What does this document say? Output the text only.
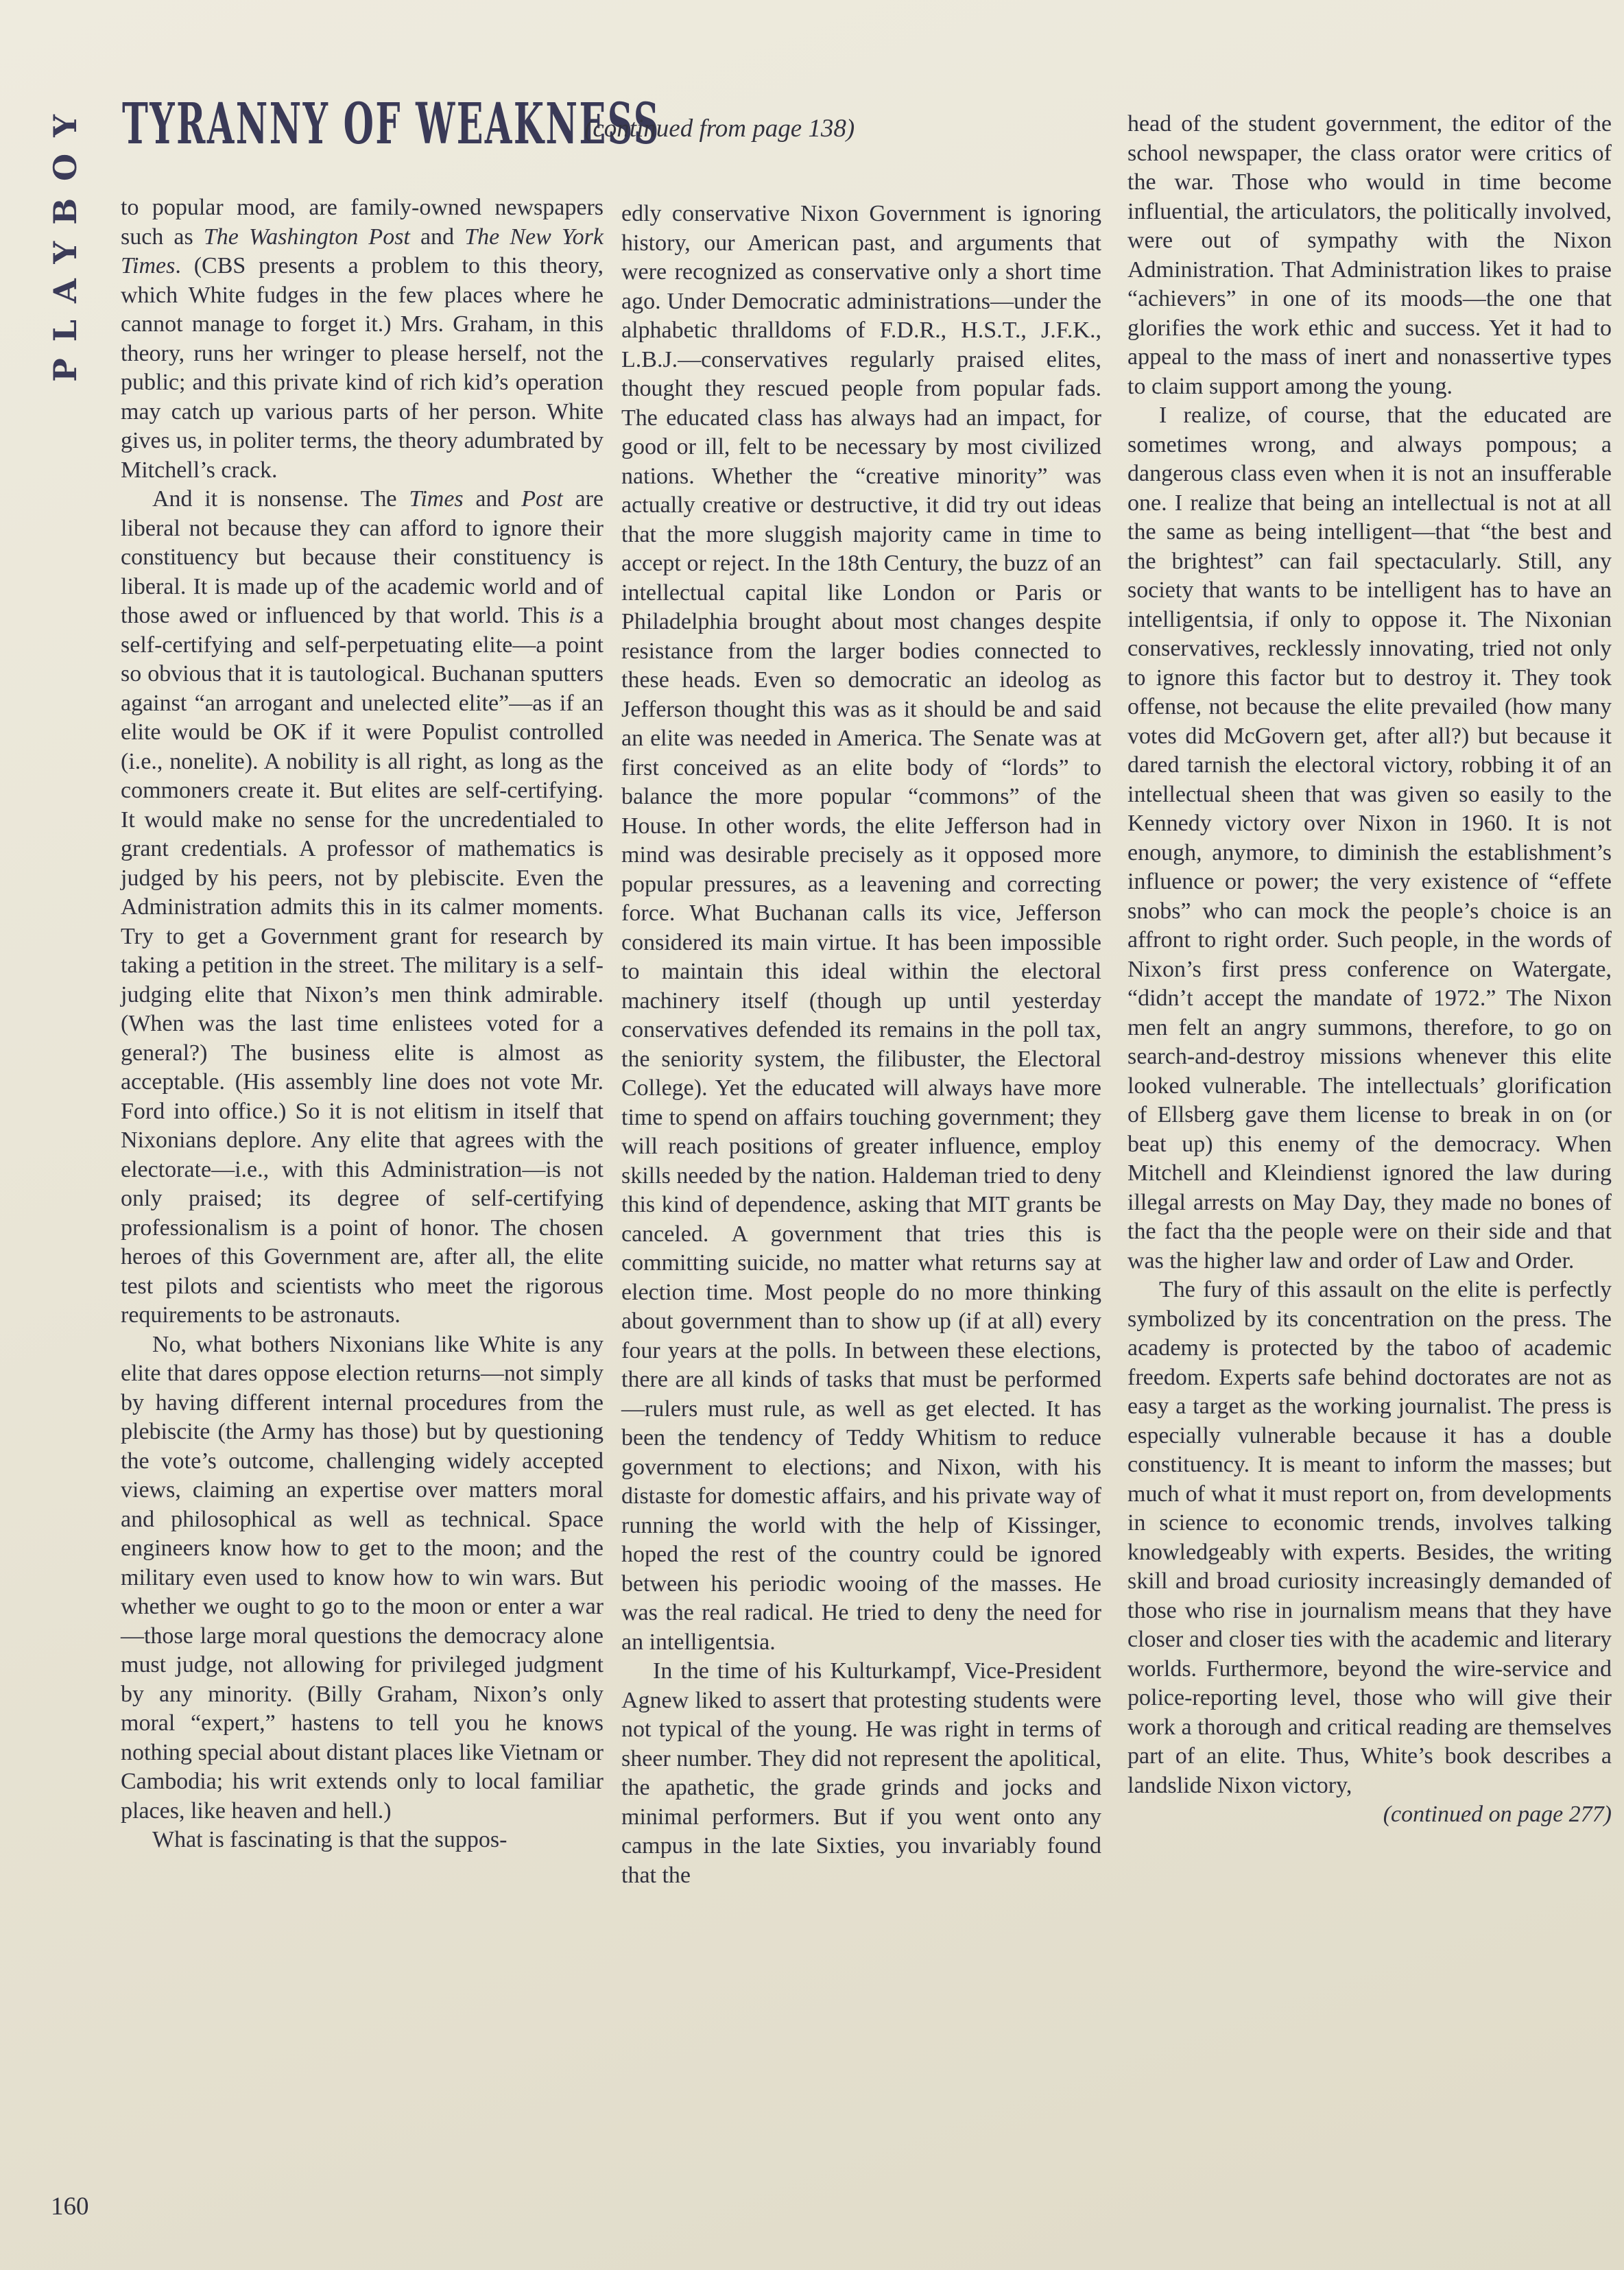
PLAYBOY TYRANNY OF WEAKNESS
(continued from page 138)

to popular mood, are family-owned newspapers such as The Washington Post and The New York Times. (CBS presents a problem to this theory, which White fudges in the few places where he cannot manage to forget it.) Mrs. Graham, in this theory, runs her wringer to please herself, not the public; and this private kind of rich kid’s operation may catch up various parts of her person. White gives us, in politer terms, the theory adumbrated by Mitchell’s crack.

And it is nonsense. The Times and Post are liberal not because they can afford to ignore their constituency but because their constituency is liberal. It is made up of the academic world and of those awed or influenced by that world. This is a self-certifying and self-perpetuating elite—a point so obvious that it is tautological. Buchanan sputters against “an arrogant and unelected elite”—as if an elite would be OK if it were Populist controlled (i.e., nonelite). A nobility is all right, as long as the commoners create it. But elites are self-certifying. It would make no sense for the uncredentialed to grant credentials. A professor of mathematics is judged by his peers, not by plebiscite. Even the Administration admits this in its calmer moments. Try to get a Government grant for research by taking a petition in the street. The military is a self-judging elite that Nixon’s men think admirable. (When was the last time enlistees voted for a general?) The business elite is almost as acceptable. (His assembly line does not vote Mr. Ford into office.) So it is not elitism in itself that Nixonians deplore. Any elite that agrees with the electorate—i.e., with this Administration—is not only praised; its degree of self-certifying professionalism is a point of honor. The chosen heroes of this Government are, after all, the elite test pilots and scientists who meet the rigorous requirements to be astronauts.

No, what bothers Nixonians like White is any elite that dares oppose election returns—not simply by having different internal procedures from the plebiscite (the Army has those) but by questioning the vote’s outcome, challenging widely accepted views, claiming an expertise over matters moral and philosophical as well as technical. Space engineers know how to get to the moon; and the military even used to know how to win wars. But whether we ought to go to the moon or enter a war—those large moral questions the democracy alone must judge, not allowing for privileged judgment by any minority. (Billy Graham, Nixon’s only moral “expert,” hastens to tell you he knows nothing special about distant places like Vietnam or Cambodia; his writ extends only to local familiar places, like heaven and hell.)

What is fascinating is that the suppos-

edly conservative Nixon Government is ignoring history, our American past, and arguments that were recognized as conservative only a short time ago. Under Democratic administrations—under the alphabetic thralldoms of F.D.R., H.S.T., J.F.K., L.B.J.—conservatives regularly praised elites, thought they rescued people from popular fads. The educated class has always had an impact, for good or ill, felt to be necessary by most civilized nations. Whether the “creative minority” was actually creative or destructive, it did try out ideas that the more sluggish majority came in time to accept or reject. In the 18th Century, the buzz of an intellectual capital like London or Paris or Philadelphia brought about most changes despite resistance from the larger bodies connected to these heads. Even so democratic an ideolog as Jefferson thought this was as it should be and said an elite was needed in America. The Senate was at first conceived as an elite body of “lords” to balance the more popular “commons” of the House. In other words, the elite Jefferson had in mind was desirable precisely as it opposed more popular pressures, as a leavening and correcting force. What Buchanan calls its vice, Jefferson considered its main virtue. It has been impossible to maintain this ideal within the electoral machinery itself (though up until yesterday conservatives defended its remains in the poll tax, the seniority system, the filibuster, the Electoral College). Yet the educated will always have more time to spend on affairs touching government; they will reach positions of greater influence, employ skills needed by the nation. Haldeman tried to deny this kind of dependence, asking that MIT grants be canceled. A government that tries this is committing suicide, no matter what returns say at election time. Most people do no more thinking about government than to show up (if at all) every four years at the polls. In between these elections, there are all kinds of tasks that must be performed—rulers must rule, as well as get elected. It has been the tendency of Teddy Whitism to reduce government to elections; and Nixon, with his distaste for domestic affairs, and his private way of running the world with the help of Kissinger, hoped the rest of the country could be ignored between his periodic wooing of the masses. He was the real radical. He tried to deny the need for an intelligentsia.

In the time of his Kulturkampf, Vice-President Agnew liked to assert that protesting students were not typical of the young. He was right in terms of sheer number. They did not represent the apolitical, the apathetic, the grade grinds and jocks and minimal performers. But if you went onto any campus in the late Sixties, you invariably found that the

head of the student government, the editor of the school newspaper, the class orator were critics of the war. Those who would in time become influential, the articulators, the politically involved, were out of sympathy with the Nixon Administration. That Administration likes to praise “achievers” in one of its moods—the one that glorifies the work ethic and success. Yet it had to appeal to the mass of inert and nonassertive types to claim support among the young.

I realize, of course, that the educated are sometimes wrong, and always pompous; a dangerous class even when it is not an insufferable one. I realize that being an intellectual is not at all the same as being intelligent—that “the best and the brightest” can fail spectacularly. Still, any society that wants to be intelligent has to have an intelligentsia, if only to oppose it. The Nixonian conservatives, recklessly innovating, tried not only to ignore this factor but to destroy it. They took offense, not because the elite prevailed (how many votes did McGovern get, after all?) but because it dared tarnish the electoral victory, robbing it of an intellectual sheen that was given so easily to the Kennedy victory over Nixon in 1960. It is not enough, anymore, to diminish the establishment’s influence or power; the very existence of “effete snobs” who can mock the people’s choice is an affront to right order. Such people, in the words of Nixon’s first press conference on Watergate, “didn’t accept the mandate of 1972.” The Nixon men felt an angry summons, therefore, to go on search-and-destroy missions whenever this elite looked vulnerable. The intellectuals’ glorification of Ellsberg gave them license to break in on (or beat up) this enemy of the democracy. When Mitchell and Kleindienst ignored the law during illegal arrests on May Day, they made no bones of the fact tha the people were on their side and that was the higher law and order of Law and Order.

The fury of this assault on the elite is perfectly symbolized by its concentration on the press. The academy is protected by the taboo of academic freedom. Experts safe behind doctorates are not as easy a target as the working journalist. The press is especially vulnerable because it has a double constituency. It is meant to inform the masses; but much of what it must report on, from developments in science to economic trends, involves talking knowledgeably with experts. Besides, the writing skill and broad curiosity increasingly demanded of those who rise in journalism means that they have closer and closer ties with the academic and literary worlds. Furthermore, beyond the wire-service and police-reporting level, those who will give their work a thorough and critical reading are themselves part of an elite. Thus, White’s book describes a landslide Nixon victory,

(continued on page 277)

160
